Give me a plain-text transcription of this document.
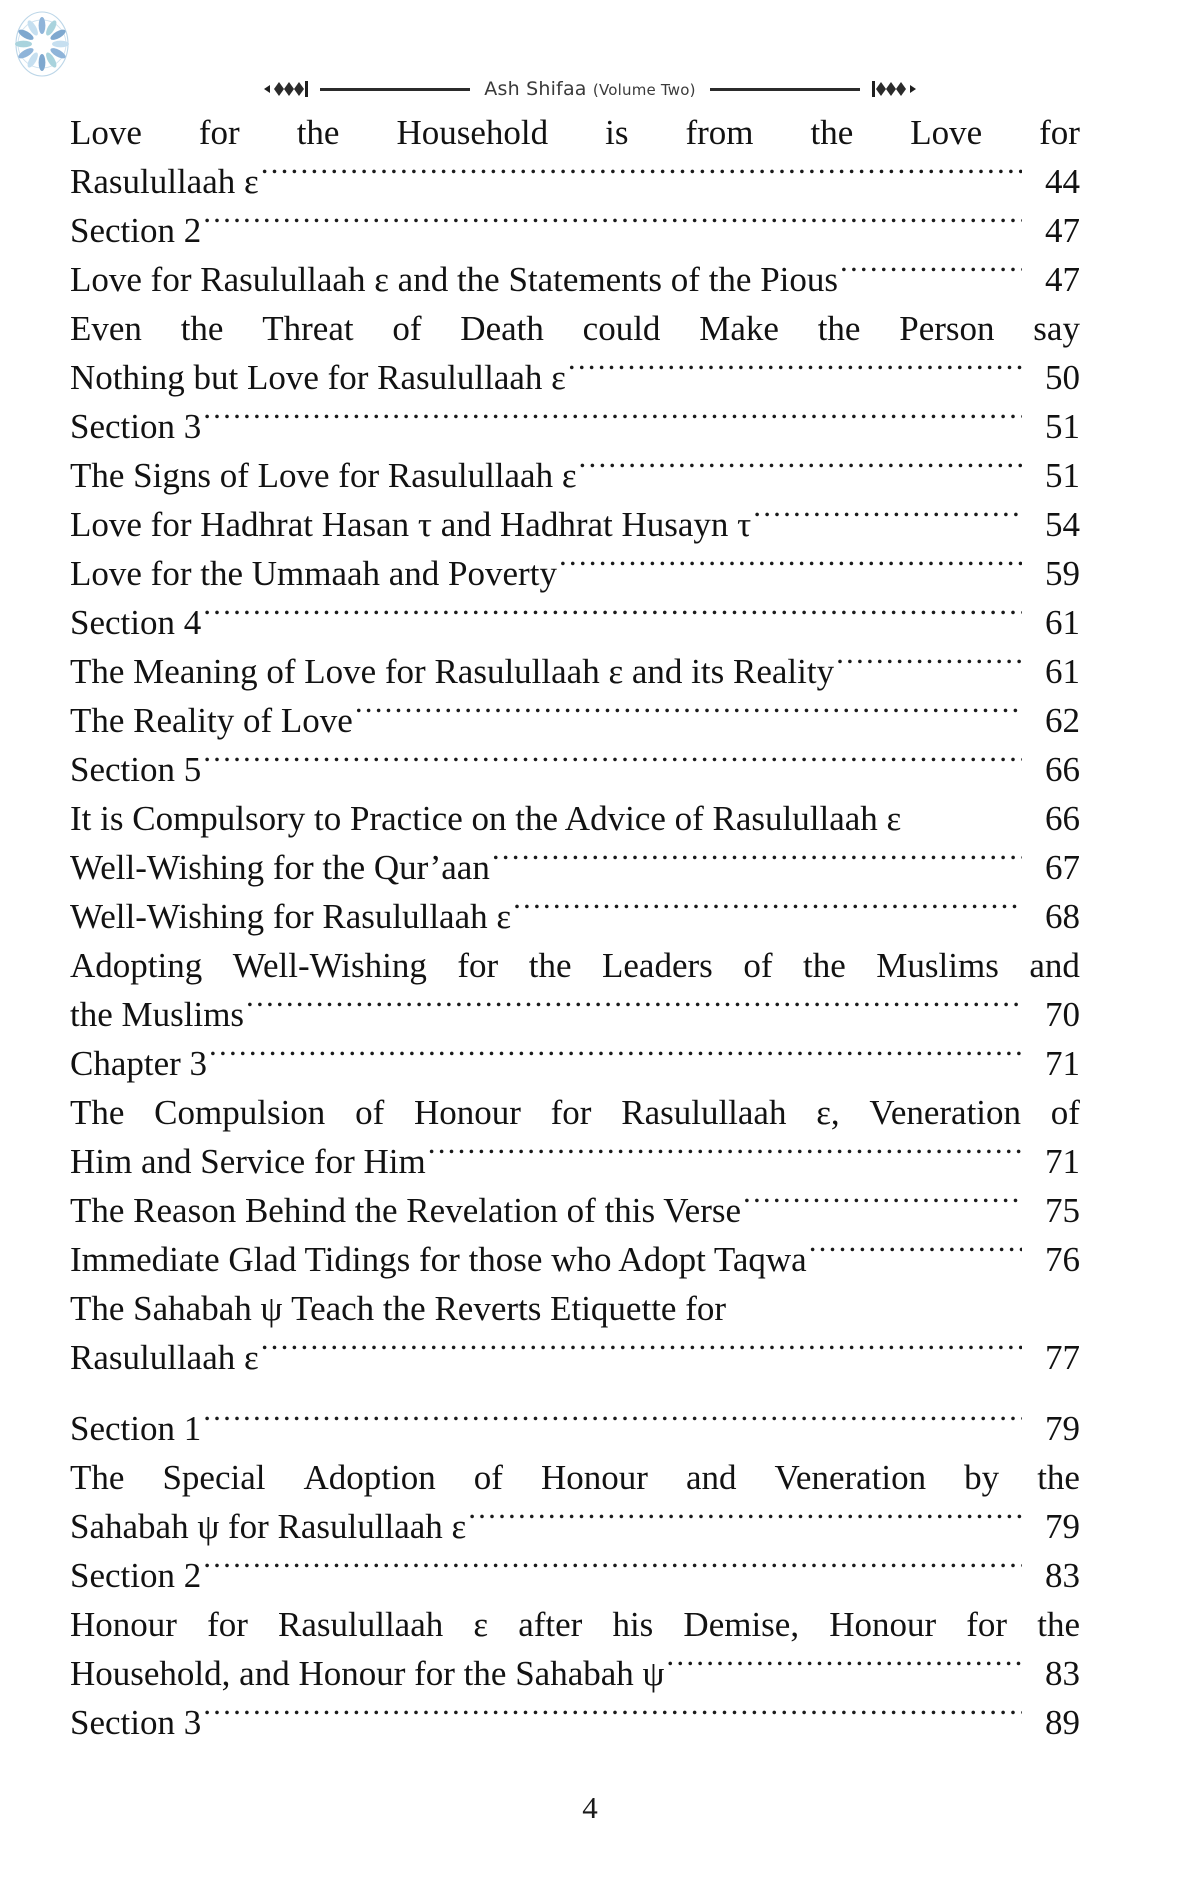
Ash Shifaa (Volume Two)
Love for the Household is from the Love for
Rasulullaah ε .....	44
Section 2 .....	47
Love for Rasulullaah ε and the Statements of the Pious .....	47
Even the Threat of Death could Make the Person say
Nothing but Love for Rasulullaah ε .....	50
Section 3 .....	51
The Signs of Love for Rasulullaah ε .....	51
Love for Hadhrat Hasan τ and Hadhrat Husayn τ .....	54
Love for the Ummaah and Poverty .....	59
Section 4 .....	61
The Meaning of Love for Rasulullaah ε and its Reality .....	61
The Reality of Love .....	62
Section 5 .....	66
It is Compulsory to Practice on the Advice of Rasulullaah ε	66
Well-Wishing for the Qur’aan .....	67
Well-Wishing for Rasulullaah ε .....	68
Adopting Well-Wishing for the Leaders of the Muslims and
the Muslims .....	70
Chapter 3 .....	71
The Compulsion of Honour for Rasulullaah ε, Veneration of
Him and Service for Him .....	71
The Reason Behind the Revelation of this Verse .....	75
Immediate Glad Tidings for those who Adopt Taqwa .....	76
The Sahabah ψ Teach the Reverts Etiquette for
Rasulullaah ε .....	77
Section 1 .....	79
The Special Adoption of Honour and Veneration by the
Sahabah ψ for Rasulullaah ε .....	79
Section 2 .....	83
Honour for Rasulullaah ε after his Demise, Honour for the
Household, and Honour for the Sahabah ψ .....	83
Section 3 .....	89
4
